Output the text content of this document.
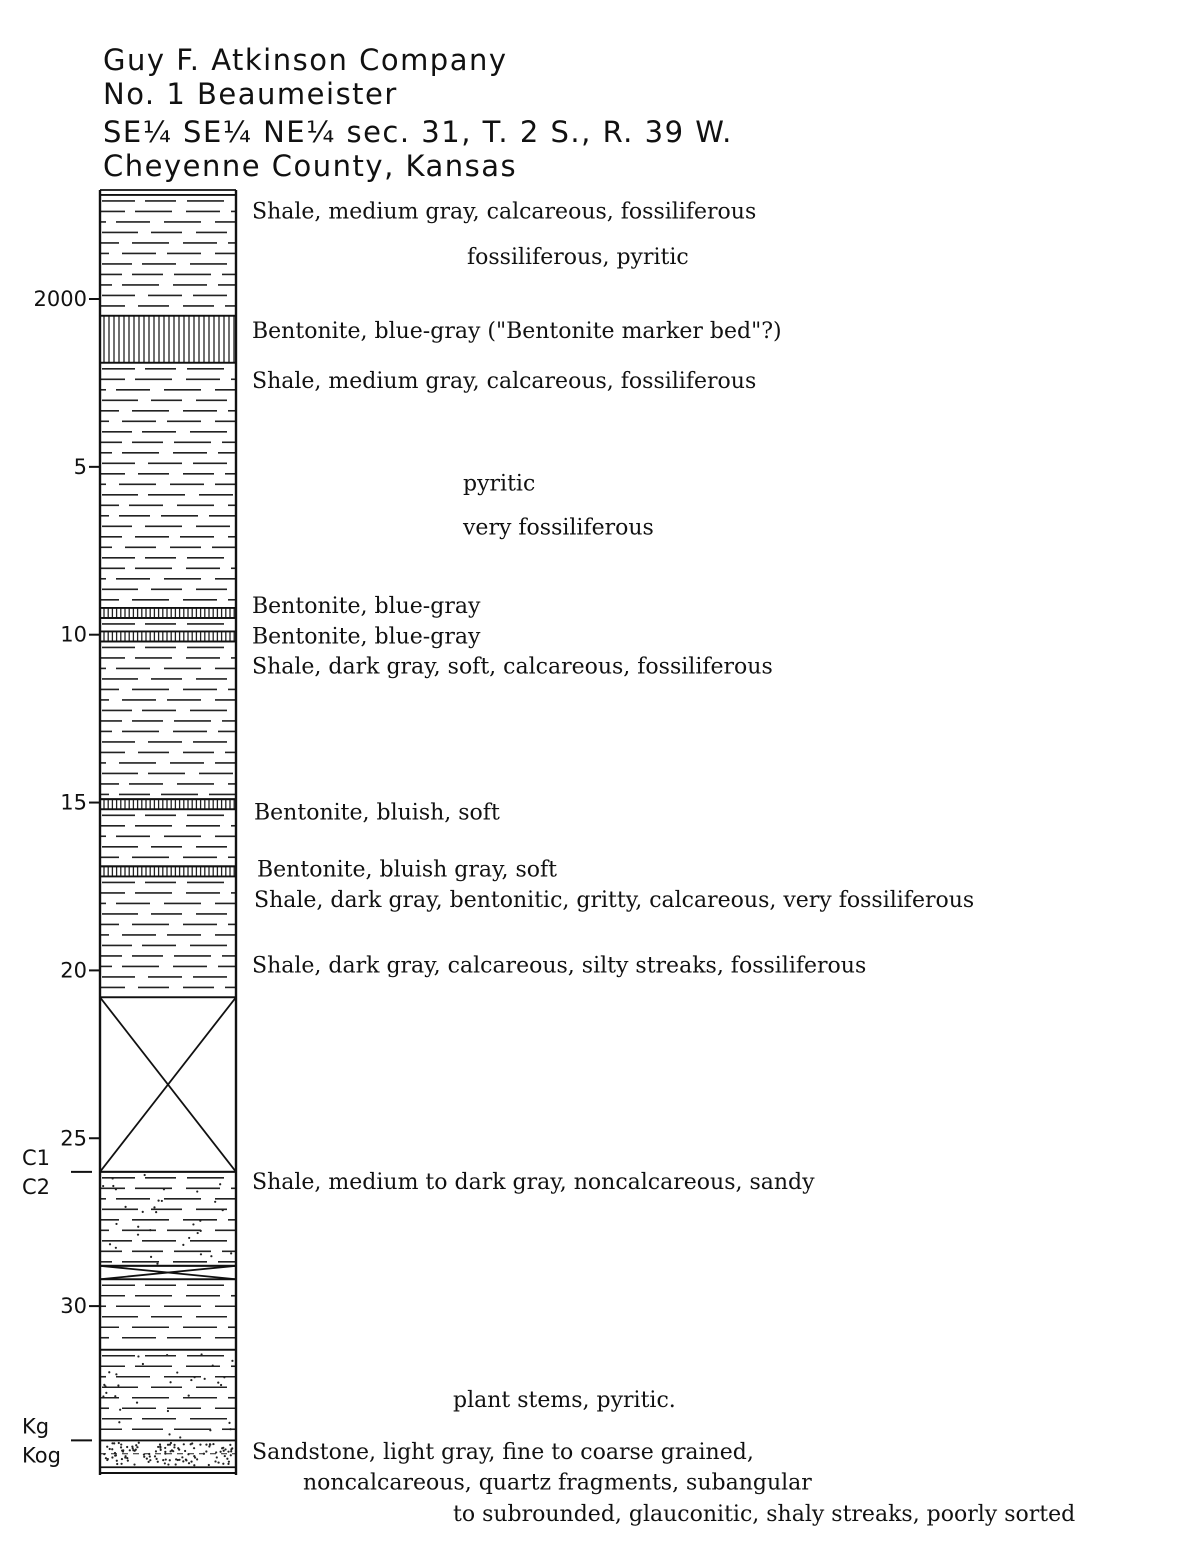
Guy F. Atkinson Company
No. 1 Beaumeister
SE¼ SE¼ NE¼ sec. 31, T. 2 S., R. 39 W.
Cheyenne County, Kansas
2000
5
10
15
20
25
30
C1
C2
Kg
Kog
Shale, medium gray, calcareous, fossiliferous
fossiliferous, pyritic
Bentonite, blue-gray ("Bentonite marker bed"?)
Shale, medium gray, calcareous, fossiliferous
pyritic
very fossiliferous
Bentonite, blue-gray
Bentonite, blue-gray
Shale, dark gray, soft, calcareous, fossiliferous
Bentonite, bluish, soft
Bentonite, bluish gray, soft
Shale, dark gray, bentonitic, gritty, calcareous, very fossiliferous
Shale, dark gray, calcareous, silty streaks, fossiliferous
Shale, medium to dark gray, noncalcareous, sandy
plant stems, pyritic.
Sandstone, light gray, fine to coarse grained,
noncalcareous, quartz fragments, subangular
to subrounded, glauconitic, shaly streaks, poorly sorted
